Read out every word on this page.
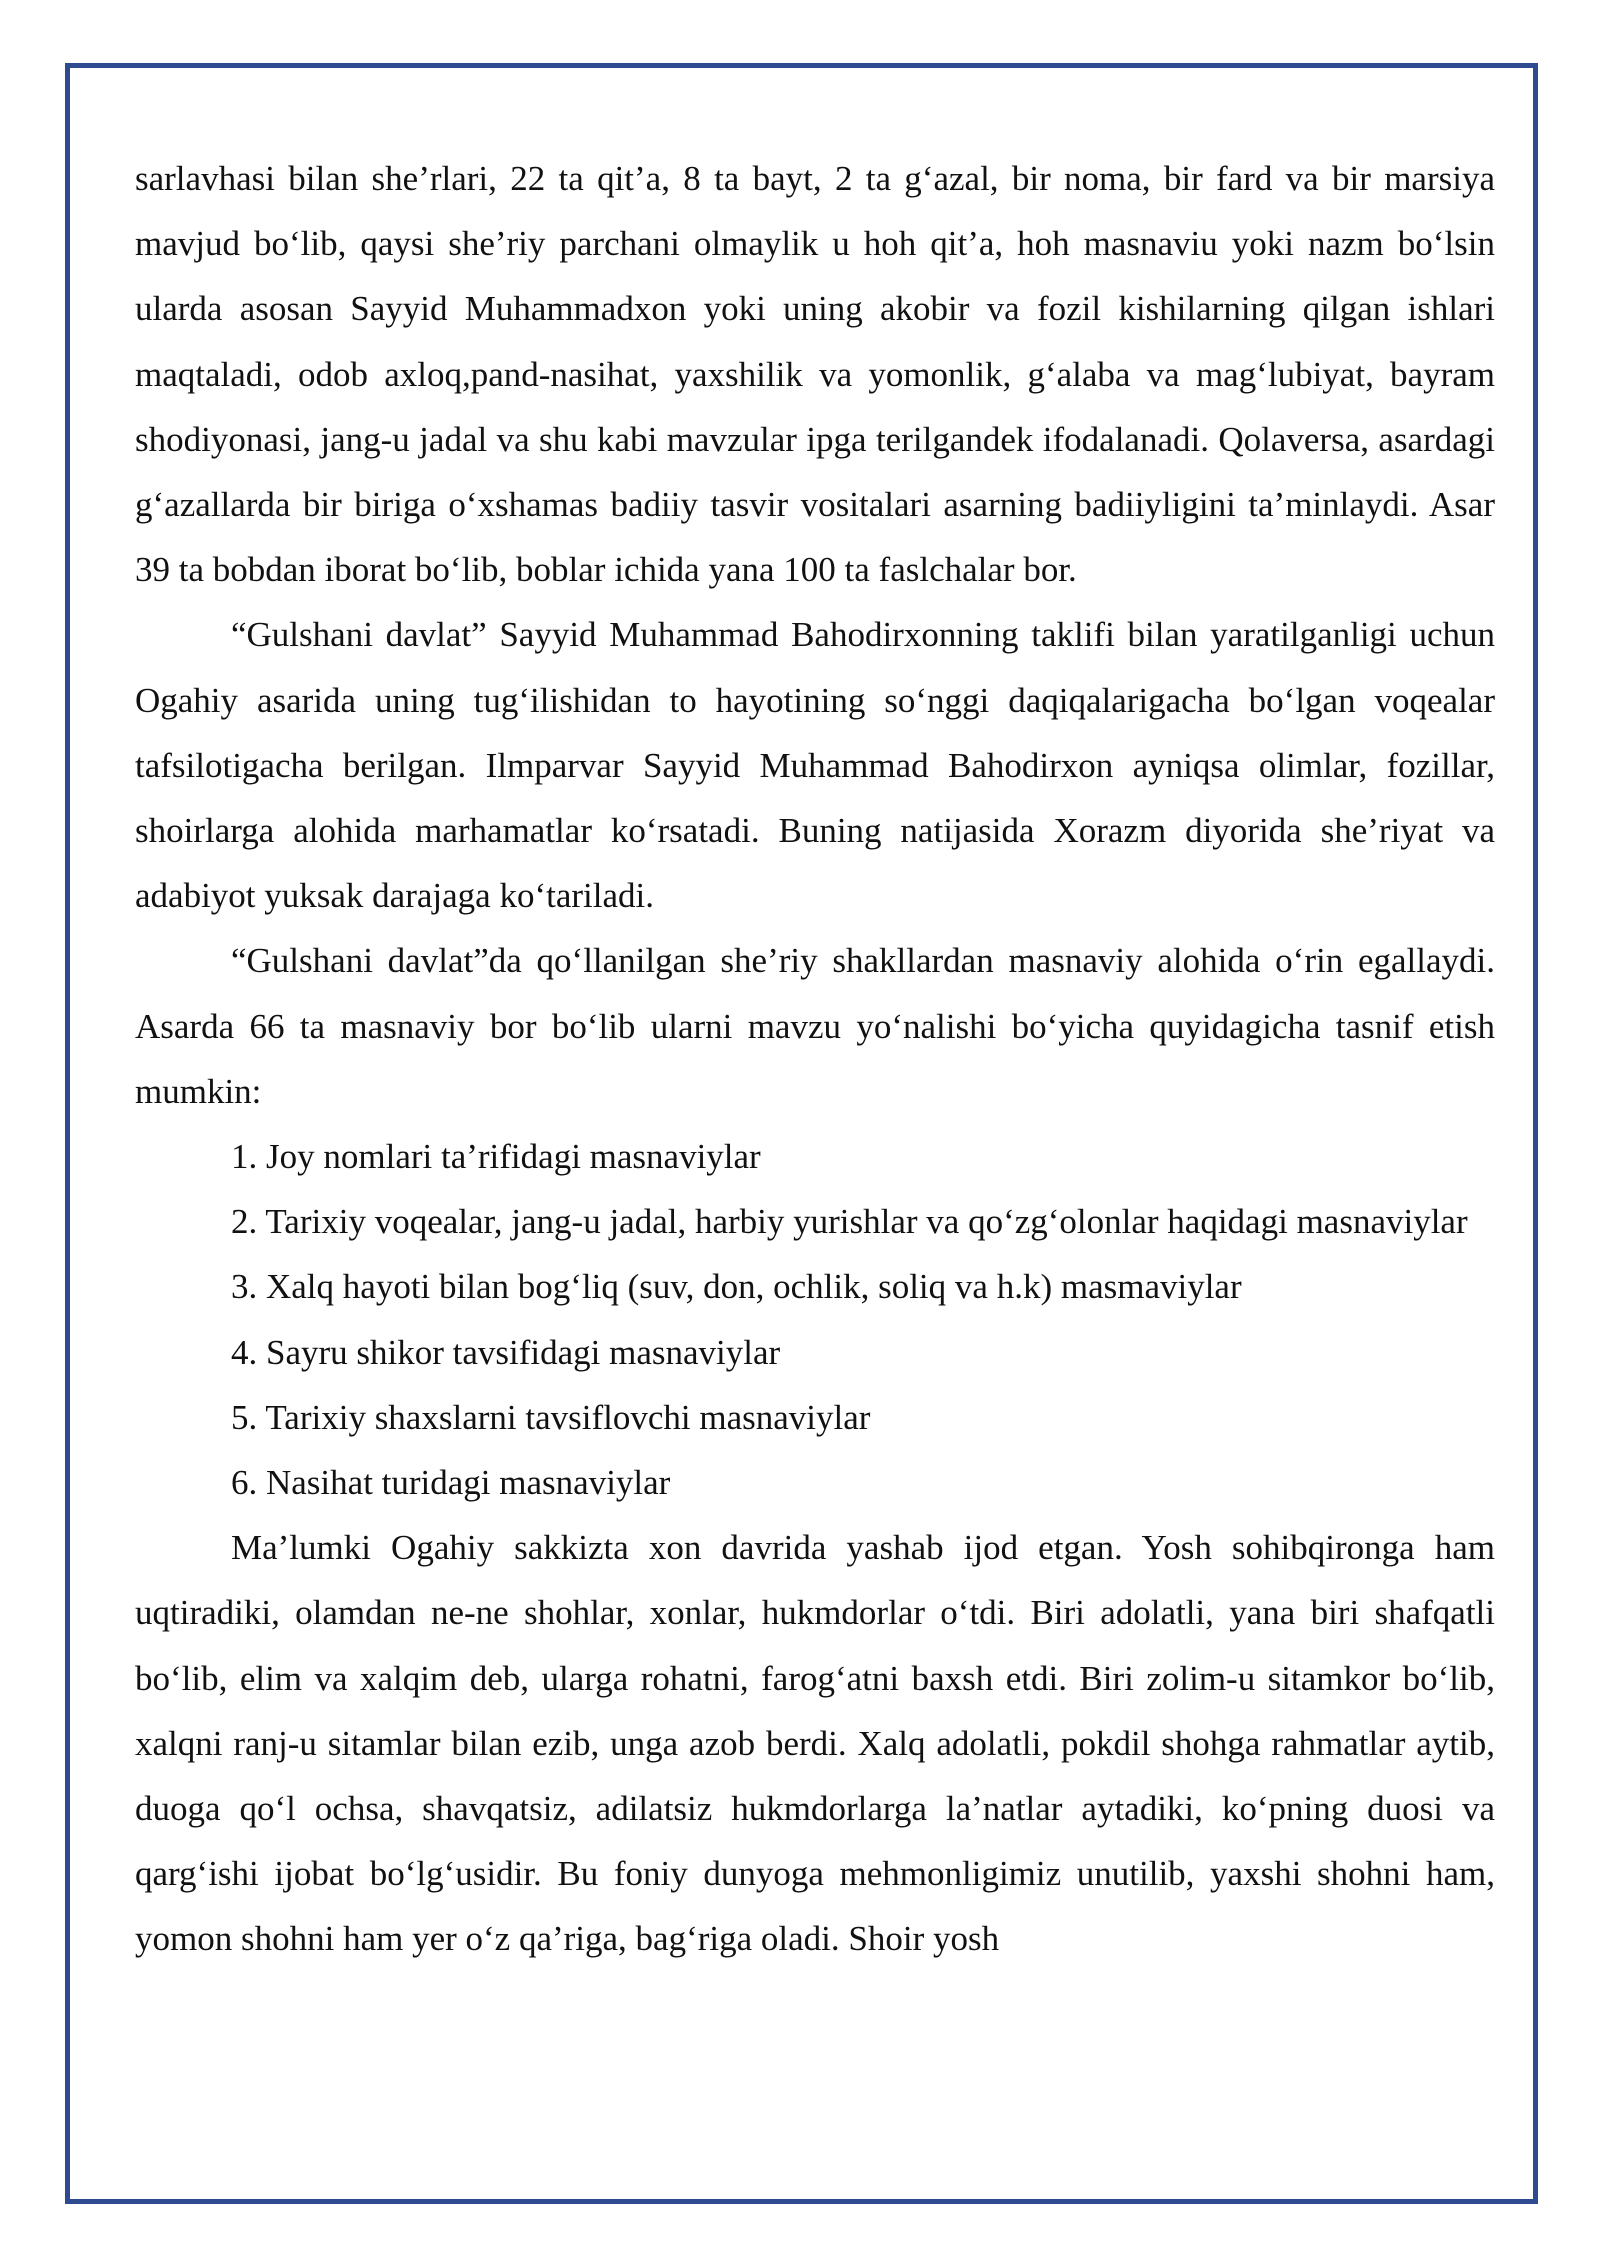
sarlavhasi bilan she’rlari, 22 ta qit’a, 8 ta bayt, 2 ta g‘azal, bir noma, bir fard va bir marsiya mavjud bo‘lib, qaysi she’riy parchani olmaylik u hoh qit’a, hoh masnaviu yoki nazm bo‘lsin ularda asosan Sayyid Muhammadxon yoki uning akobir va fozil kishilarning qilgan ishlari maqtaladi, odob axloq,pand-nasihat, yaxshilik va yomonlik, g‘alaba va mag‘lubiyat, bayram shodiyonasi, jang-u jadal va shu kabi mavzular ipga terilgandek ifodalanadi. Qolaversa, asardagi g‘azallarda bir biriga o‘xshamas badiiy tasvir vositalari asarning badiiyligini ta’minlaydi. Asar 39 ta bobdan iborat bo‘lib, boblar ichida yana 100 ta faslchalar bor.

“Gulshani davlat” Sayyid Muhammad Bahodirxonning taklifi bilan yaratilganligi uchun Ogahiy asarida uning tug‘ilishidan to hayotining so‘nggi daqiqalarigacha bo‘lgan voqealar tafsilotigacha berilgan. Ilmparvar Sayyid Muhammad Bahodirxon ayniqsa olimlar, fozillar, shoirlarga alohida marhamatlar ko‘rsatadi. Buning natijasida Xorazm diyorida she’riyat va adabiyot yuksak darajaga ko‘tariladi.

“Gulshani davlat”da qo‘llanilgan she’riy shakllardan masnaviy alohida o‘rin egallaydi. Asarda 66 ta masnaviy bor bo‘lib ularni mavzu yo‘nalishi bo‘yicha quyidagicha tasnif etish mumkin:

1. Joy nomlari ta’rifidagi masnaviylar

2. Tarixiy voqealar, jang-u jadal, harbiy yurishlar va qo‘zg‘olonlar haqidagi masnaviylar

3. Xalq hayoti bilan bog‘liq (suv, don, ochlik, soliq va h.k) masmaviylar

4. Sayru shikor tavsifidagi masnaviylar

5. Tarixiy shaxslarni tavsiflovchi masnaviylar

6. Nasihat turidagi masnaviylar

Ma’lumki Ogahiy sakkizta xon davrida yashab ijod etgan. Yosh sohibqironga ham uqtiradiki, olamdan ne-ne shohlar, xonlar, hukmdorlar o‘tdi. Biri adolatli, yana biri shafqatli bo‘lib, elim va xalqim deb, ularga rohatni, farog‘atni baxsh etdi. Biri zolim-u sitamkor bo‘lib, xalqni ranj-u sitamlar bilan ezib, unga azob berdi. Xalq adolatli, pokdil shohga rahmatlar aytib, duoga qo‘l ochsa, shavqatsiz, adilatsiz hukmdorlarga la’natlar aytadiki, ko‘pning duosi va qarg‘ishi ijobat bo‘lg‘usidir. Bu foniy dunyoga mehmonligimiz unutilib, yaxshi shohni ham, yomon shohni ham yer o‘z qa’riga, bag‘riga oladi. Shoir yosh
